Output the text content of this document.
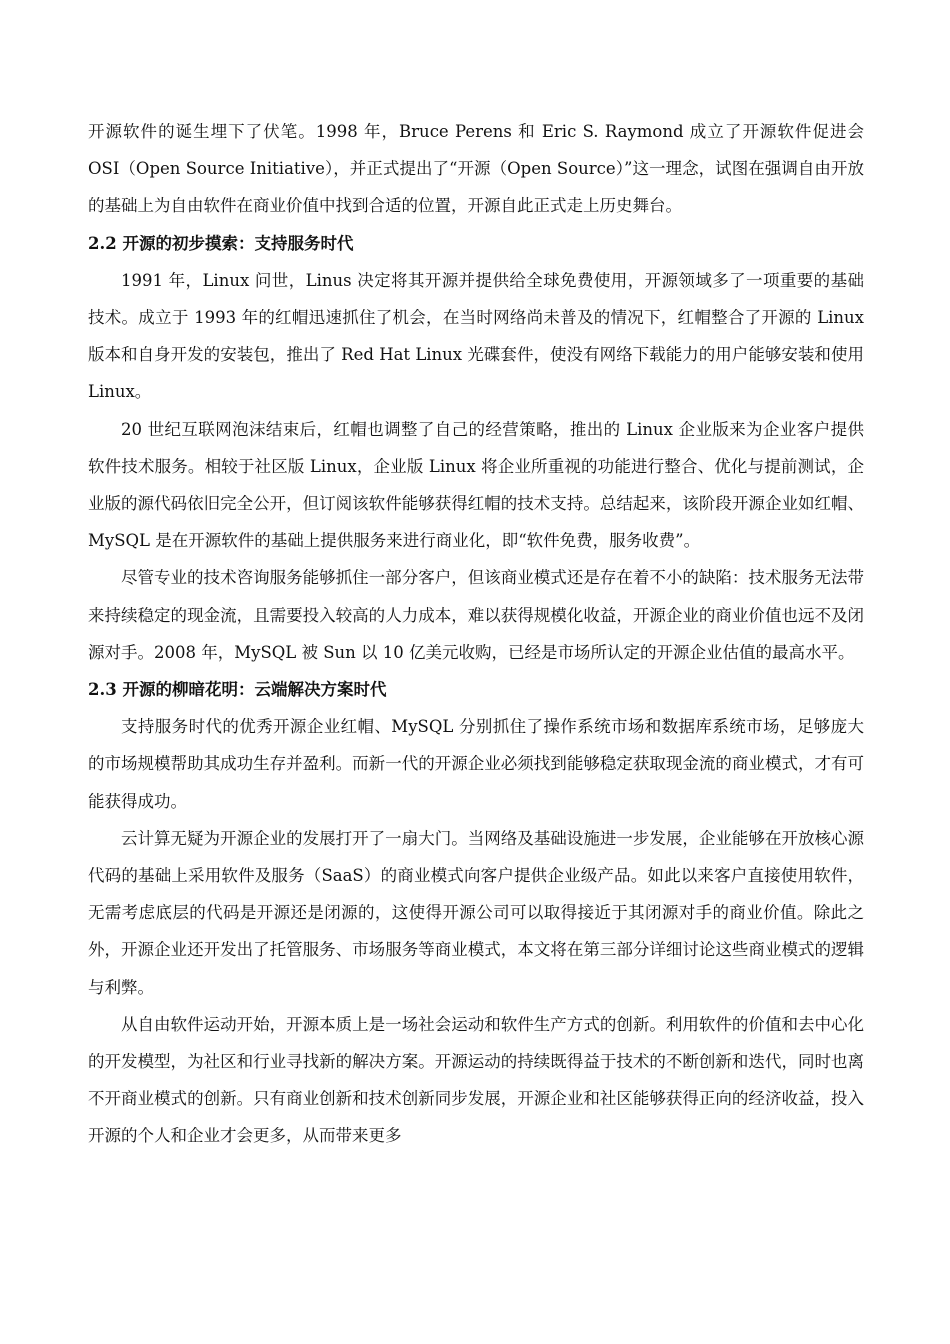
开源软件的诞生埋下了伏笔。1998 年，Bruce Perens 和 Eric S. Raymond 成立了开源软件促进会 OSI（Open Source Initiative），并正式提出了“开源（Open Source）”这一理念，试图在强调自由开放的基础上为自由软件在商业价值中找到合适的位置，开源自此正式走上历史舞台。

2.2 开源的初步摸索：支持服务时代

1991 年，Linux 问世，Linus 决定将其开源并提供给全球免费使用，开源领域多了一项重要的基础技术。成立于 1993 年的红帽迅速抓住了机会，在当时网络尚未普及的情况下，红帽整合了开源的 Linux 版本和自身开发的安装包，推出了 Red Hat Linux 光碟套件，使没有网络下载能力的用户能够安装和使用 Linux。

20 世纪互联网泡沫结束后，红帽也调整了自己的经营策略，推出的 Linux 企业版来为企业客户提供软件技术服务。相较于社区版 Linux，企业版 Linux 将企业所重视的功能进行整合、优化与提前测试，企业版的源代码依旧完全公开，但订阅该软件能够获得红帽的技术支持。总结起来，该阶段开源企业如红帽、MySQL 是在开源软件的基础上提供服务来进行商业化，即“软件免费，服务收费”。

尽管专业的技术咨询服务能够抓住一部分客户，但该商业模式还是存在着不小的缺陷：技术服务无法带来持续稳定的现金流，且需要投入较高的人力成本，难以获得规模化收益，开源企业的商业价值也远不及闭源对手。2008 年，MySQL 被 Sun 以 10 亿美元收购，已经是市场所认定的开源企业估值的最高水平。

2.3 开源的柳暗花明：云端解决方案时代

支持服务时代的优秀开源企业红帽、MySQL 分别抓住了操作系统市场和数据库系统市场，足够庞大的市场规模帮助其成功生存并盈利。而新一代的开源企业必须找到能够稳定获取现金流的商业模式，才有可能获得成功。

云计算无疑为开源企业的发展打开了一扇大门。当网络及基础设施进一步发展，企业能够在开放核心源代码的基础上采用软件及服务（SaaS）的商业模式向客户提供企业级产品。如此以来客户直接使用软件，无需考虑底层的代码是开源还是闭源的，这使得开源公司可以取得接近于其闭源对手的商业价值。除此之外，开源企业还开发出了托管服务、市场服务等商业模式，本文将在第三部分详细讨论这些商业模式的逻辑与利弊。

从自由软件运动开始，开源本质上是一场社会运动和软件生产方式的创新。利用软件的价值和去中心化的开发模型，为社区和行业寻找新的解决方案。开源运动的持续既得益于技术的不断创新和迭代，同时也离不开商业模式的创新。只有商业创新和技术创新同步发展，开源企业和社区能够获得正向的经济收益，投入开源的个人和企业才会更多，从而带来更多
